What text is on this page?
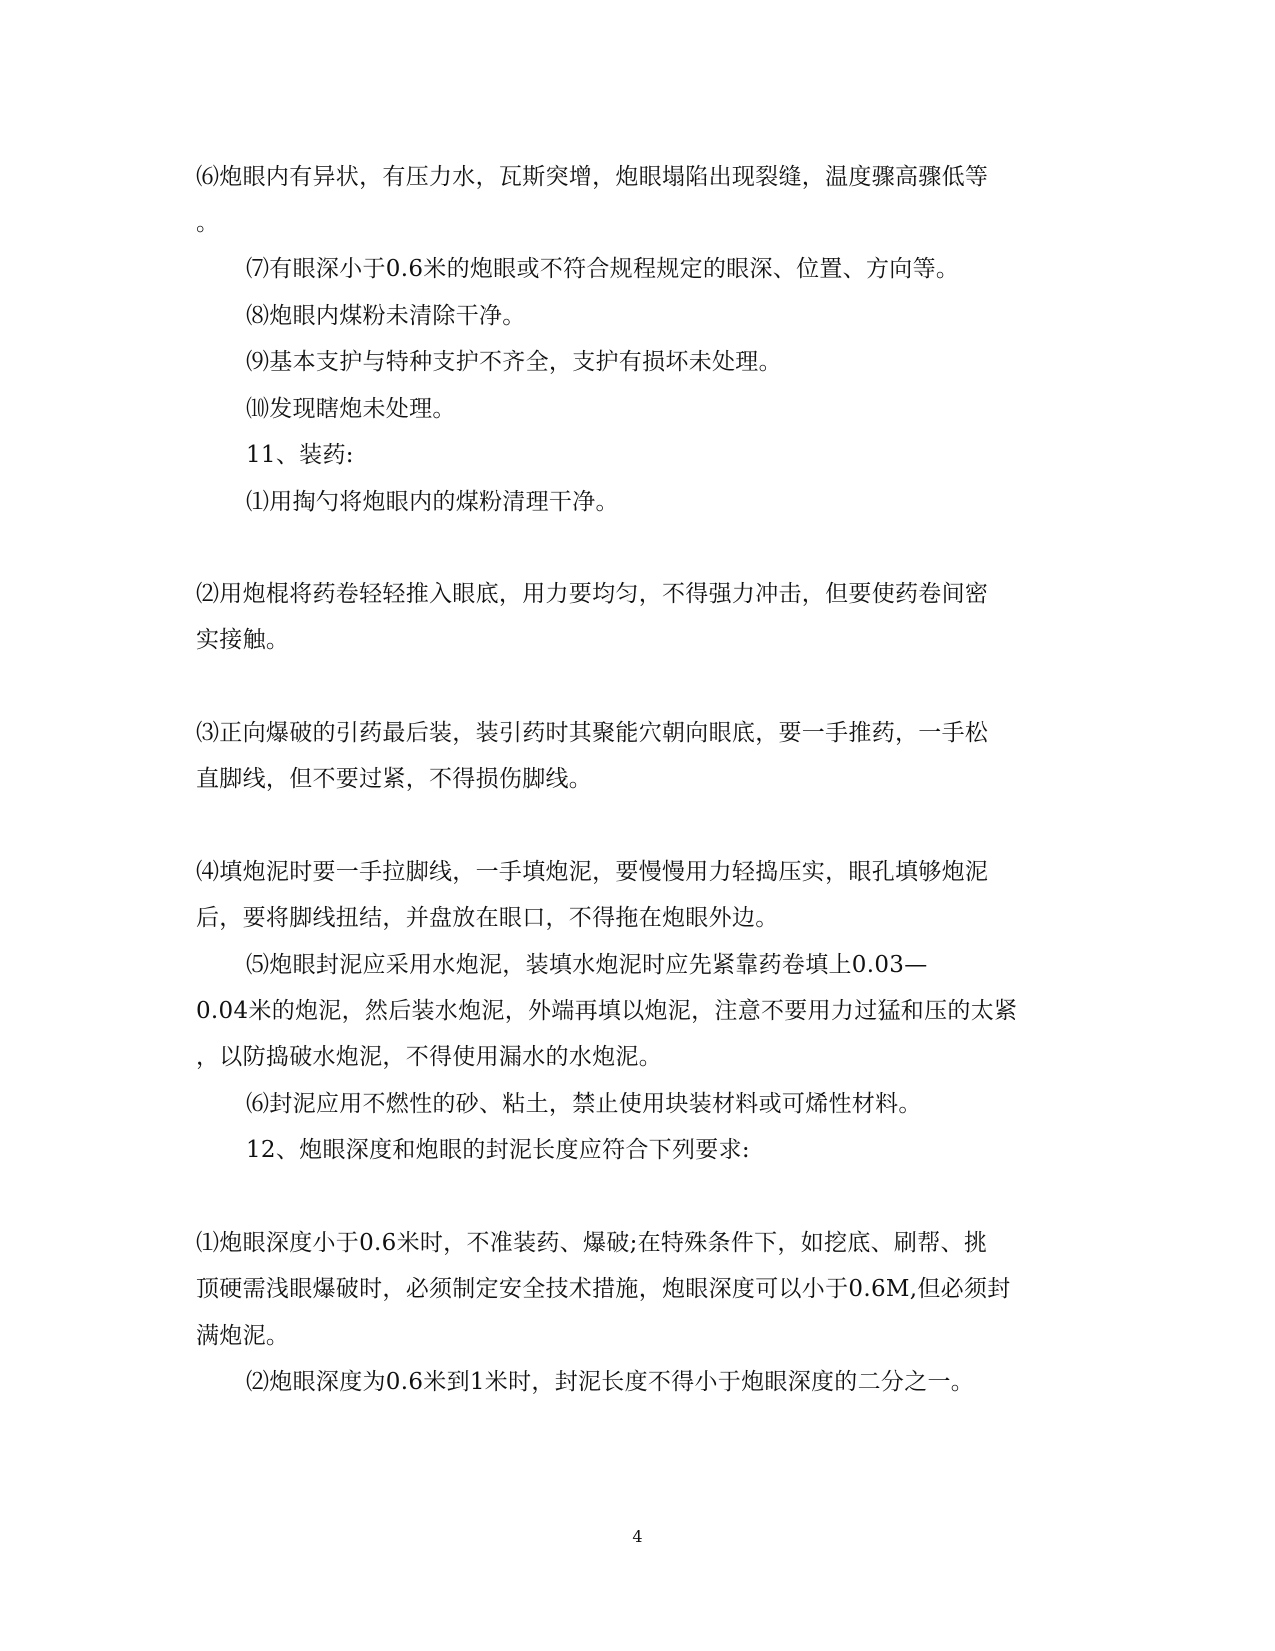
⑹炮眼内有异状，有压力水，瓦斯突增，炮眼塌陷出现裂缝，温度骤高骤低等
。
⑺有眼深小于0.6米的炮眼或不符合规程规定的眼深、位置、方向等。
⑻炮眼内煤粉未清除干净。
⑼基本支护与特种支护不齐全，支护有损坏未处理。
⑽发现瞎炮未处理。
11、装药:
⑴用掏勺将炮眼内的煤粉清理干净。
⑵用炮棍将药卷轻轻推入眼底，用力要均匀，不得强力冲击，但要使药卷间密
实接触。
⑶正向爆破的引药最后装，装引药时其聚能穴朝向眼底，要一手推药，一手松
直脚线，但不要过紧，不得损伤脚线。
⑷填炮泥时要一手拉脚线，一手填炮泥，要慢慢用力轻捣压实，眼孔填够炮泥
后，要将脚线扭结，并盘放在眼口，不得拖在炮眼外边。
⑸炮眼封泥应采用水炮泥，装填水炮泥时应先紧靠药卷填上0.03—
0.04米的炮泥，然后装水炮泥，外端再填以炮泥，注意不要用力过猛和压的太紧
，以防捣破水炮泥，不得使用漏水的水炮泥。
⑹封泥应用不燃性的砂、粘土，禁止使用块装材料或可烯性材料。
12、炮眼深度和炮眼的封泥长度应符合下列要求:
⑴炮眼深度小于0.6米时，不准装药、爆破;在特殊条件下，如挖底、刷帮、挑
顶硬需浅眼爆破时，必须制定安全技术措施，炮眼深度可以小于0.6M,但必须封
满炮泥。
⑵炮眼深度为0.6米到1米时，封泥长度不得小于炮眼深度的二分之一。
4
